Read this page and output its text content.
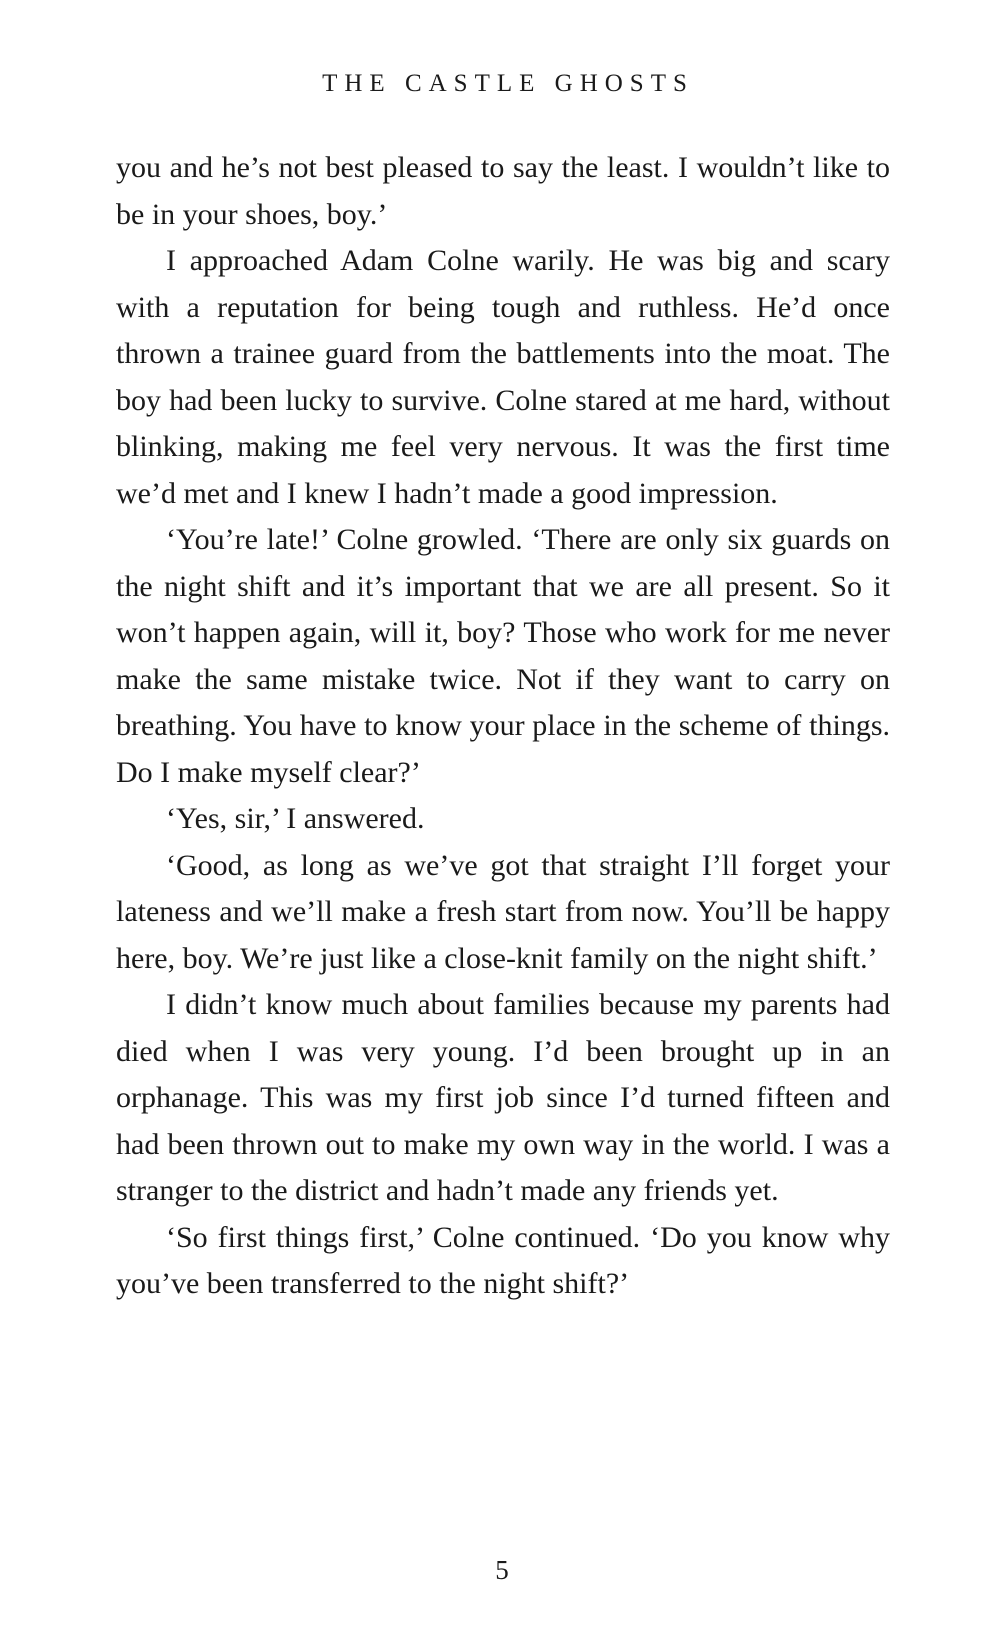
THE CASTLE GHOSTS

you and he’s not best pleased to say the least. I wouldn’t like to be in your shoes, boy.’

I approached Adam Colne warily. He was big and scary with a reputation for being tough and ruthless. He’d once thrown a trainee guard from the battlements into the moat. The boy had been lucky to survive. Colne stared at me hard, without blinking, making me feel very nervous. It was the first time we’d met and I knew I hadn’t made a good impression.

‘You’re late!’ Colne growled. ‘There are only six guards on the night shift and it’s important that we are all present. So it won’t happen again, will it, boy? Those who work for me never make the same mistake twice. Not if they want to carry on breathing. You have to know your place in the scheme of things. Do I make myself clear?’

‘Yes, sir,’ I answered.

‘Good, as long as we’ve got that straight I’ll forget your lateness and we’ll make a fresh start from now. You’ll be happy here, boy. We’re just like a close-knit family on the night shift.’

I didn’t know much about families because my parents had died when I was very young. I’d been brought up in an orphanage. This was my first job since I’d turned fifteen and had been thrown out to make my own way in the world. I was a stranger to the district and hadn’t made any friends yet.

‘So first things first,’ Colne continued. ‘Do you know why you’ve been transferred to the night shift?’

5
